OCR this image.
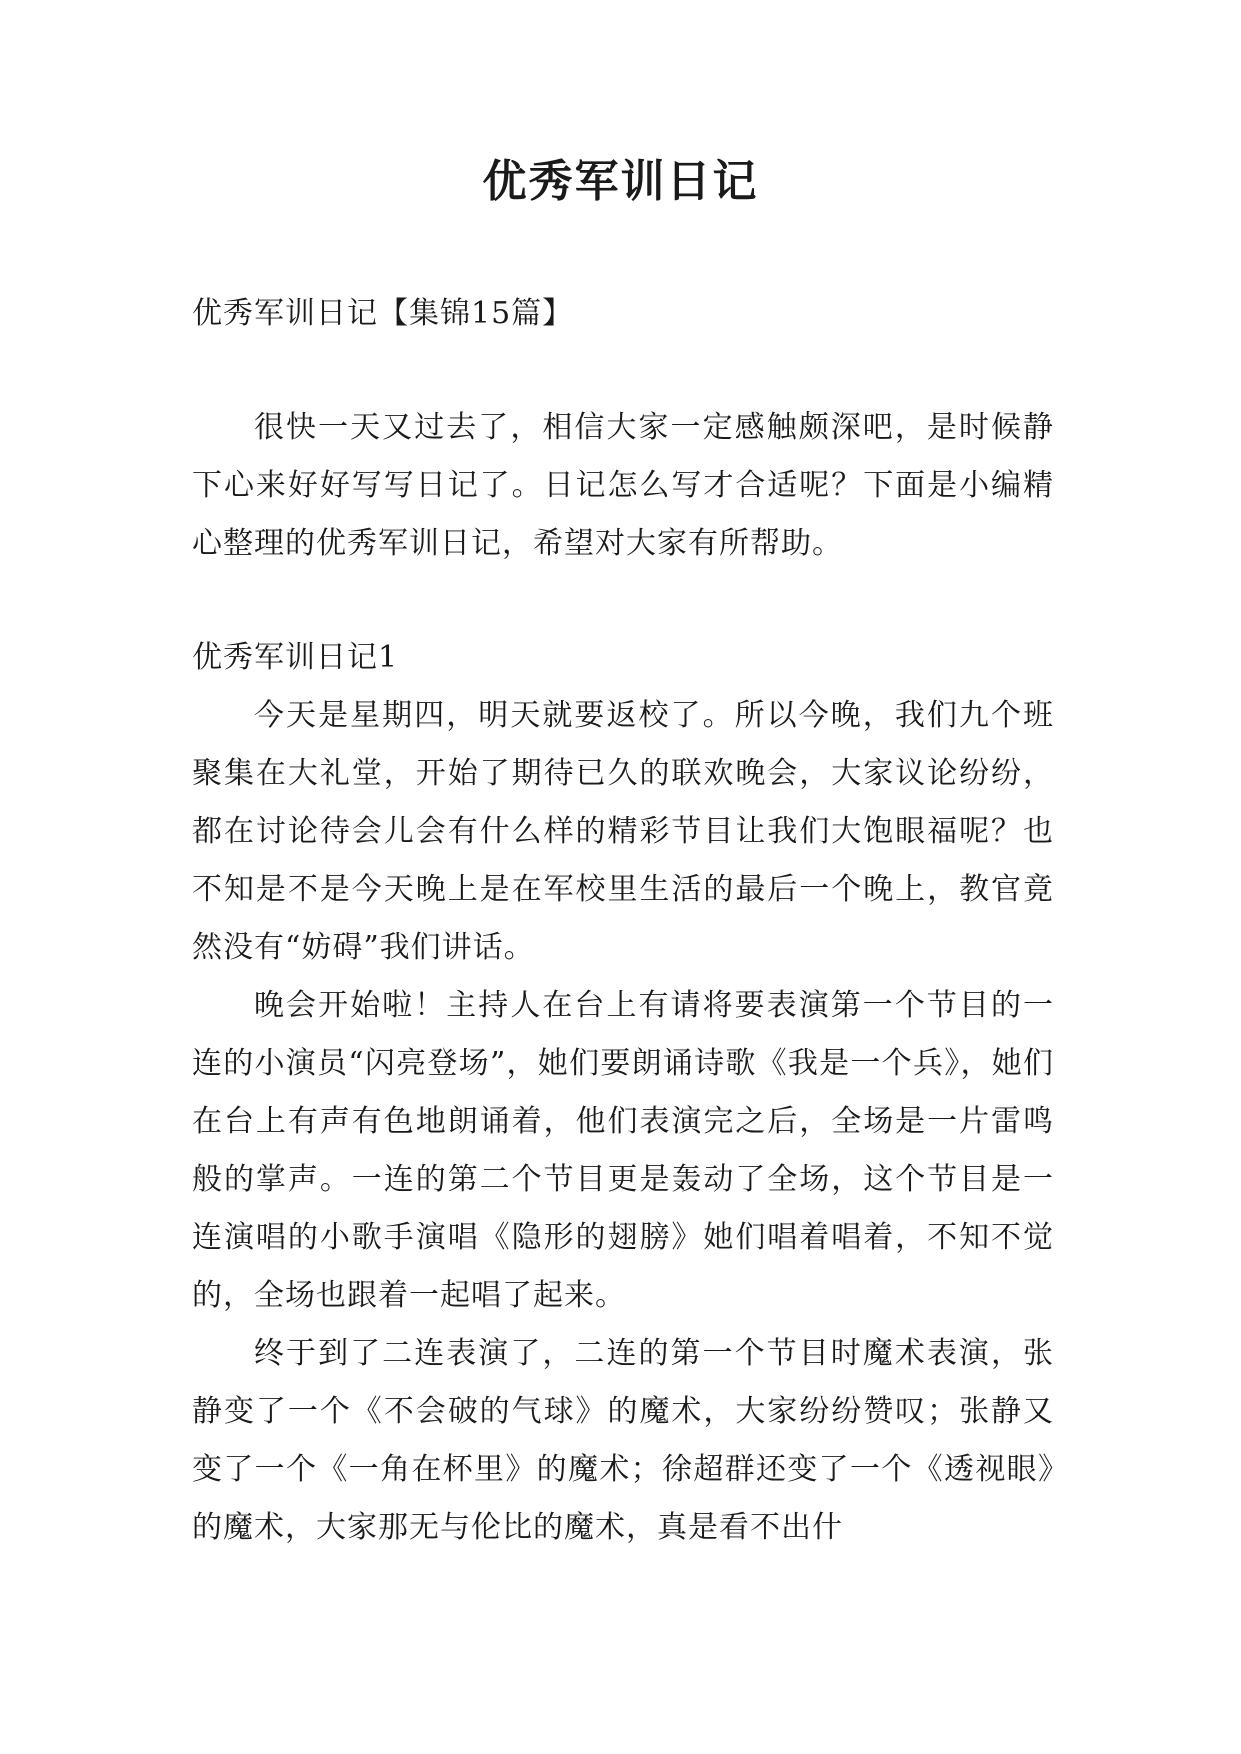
优秀军训日记

优秀军训日记【集锦15篇】

很快一天又过去了，相信大家一定感触颇深吧，是时候静下心来好好写写日记了。日记怎么写才合适呢？下面是小编精心整理的优秀军训日记，希望对大家有所帮助。

优秀军训日记1

今天是星期四，明天就要返校了。所以今晚，我们九个班聚集在大礼堂，开始了期待已久的联欢晚会，大家议论纷纷，都在讨论待会儿会有什么样的精彩节目让我们大饱眼福呢？也不知是不是今天晚上是在军校里生活的最后一个晚上，教官竟然没有“妨碍”我们讲话。

晚会开始啦！主持人在台上有请将要表演第一个节目的一连的小演员“闪亮登场”，她们要朗诵诗歌《我是一个兵》，她们在台上有声有色地朗诵着，他们表演完之后，全场是一片雷鸣般的掌声。一连的第二个节目更是轰动了全场，这个节目是一连演唱的小歌手演唱《隐形的翅膀》她们唱着唱着，不知不觉的，全场也跟着一起唱了起来。

终于到了二连表演了，二连的第一个节目时魔术表演，张静变了一个《不会破的气球》的魔术，大家纷纷赞叹；张静又变了一个《一角在杯里》的魔术；徐超群还变了一个《透视眼》的魔术，大家那无与伦比的魔术，真是看不出什
